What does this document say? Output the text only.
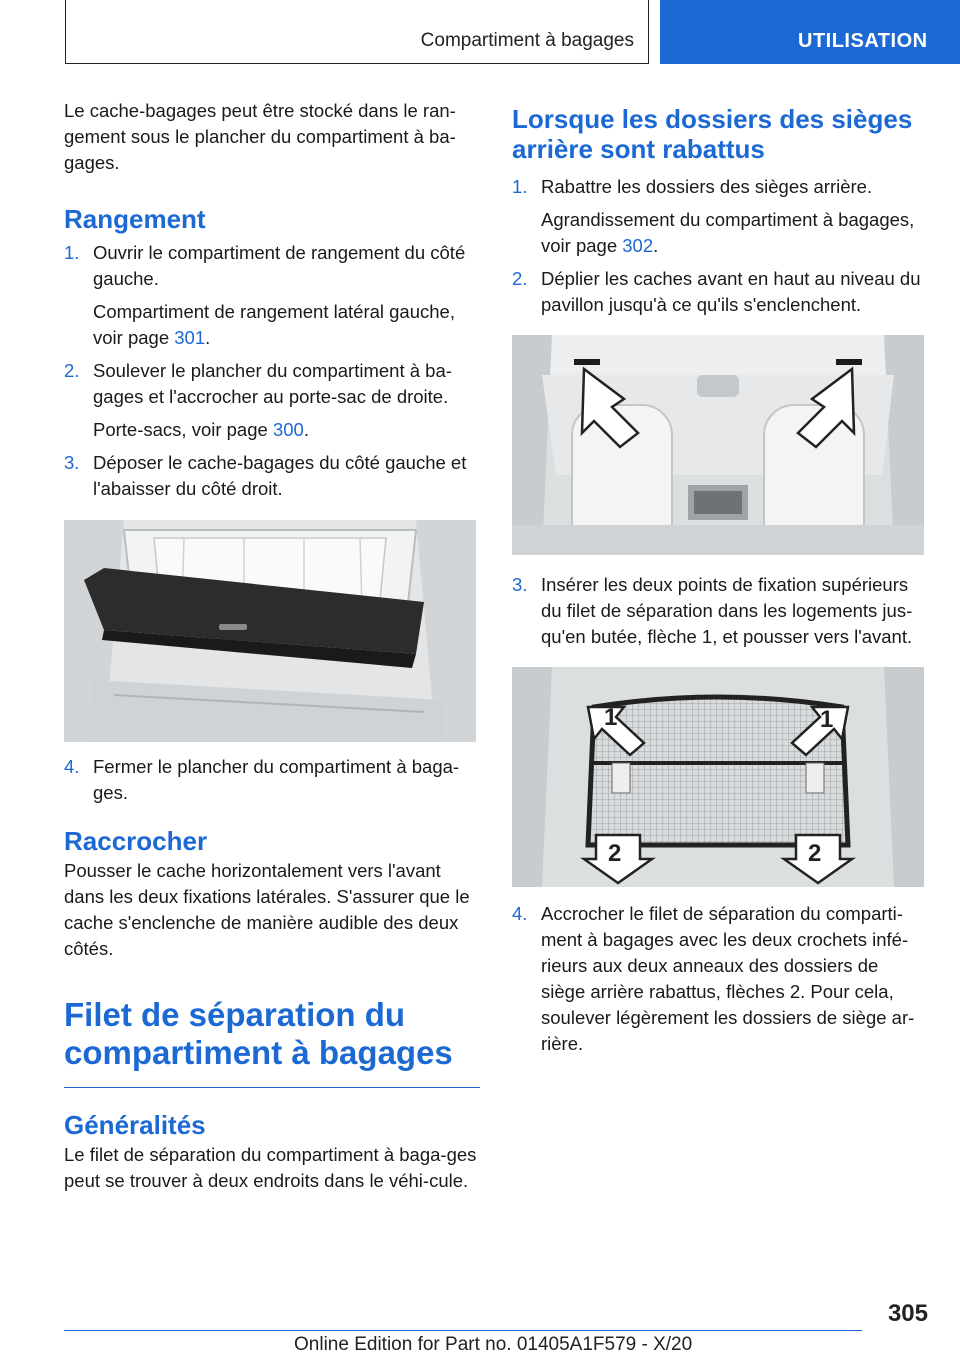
Compartiment à bagages	UTILISATION

Le cache-bagages peut être stocké dans le ran-gement sous le plancher du compartiment à ba-gages.

Rangement
1. Ouvrir le compartiment de rangement du côté gauche.

Compartiment de rangement latéral gauche, voir page 301.

2. Soulever le plancher du compartiment à ba-gages et l'accrocher au porte-sac de droite.

Porte-sacs, voir page 300.

3. Déposer le cache-bagages du côté gauche et l'abaisser du côté droit.

4. Fermer le plancher du compartiment à baga-ges.

Raccrocher

Pousser le cache horizontalement vers l'avant dans les deux fixations latérales. S'assurer que le cache s'enclenche de manière audible des deux côtés.

Filet de séparation du compartiment à bagages
Généralités

Le filet de séparation du compartiment à baga-ges peut se trouver à deux endroits dans le véhi-cule.

Lorsque les dossiers des sièges arrière sont rabattus
1. Rabattre les dossiers des sièges arrière.

Agrandissement du compartiment à bagages, voir page 302.

2. Déplier les caches avant en haut au niveau du pavillon jusqu'à ce qu'ils s'enclenchent.

3. Insérer les deux points de fixation supérieurs du filet de séparation dans les logements jus-qu'en butée, flèche 1, et pousser vers l'avant.

1	1
2	2
4. Accrocher le filet de séparation du comparti-ment à bagages avec les deux crochets infé-rieurs aux deux anneaux des dossiers de siège arrière rabattus, flèches 2. Pour cela, soulever légèrement les dossiers de siège ar-rière.

305
Online Edition for Part no. 01405A1F579 - X/20
